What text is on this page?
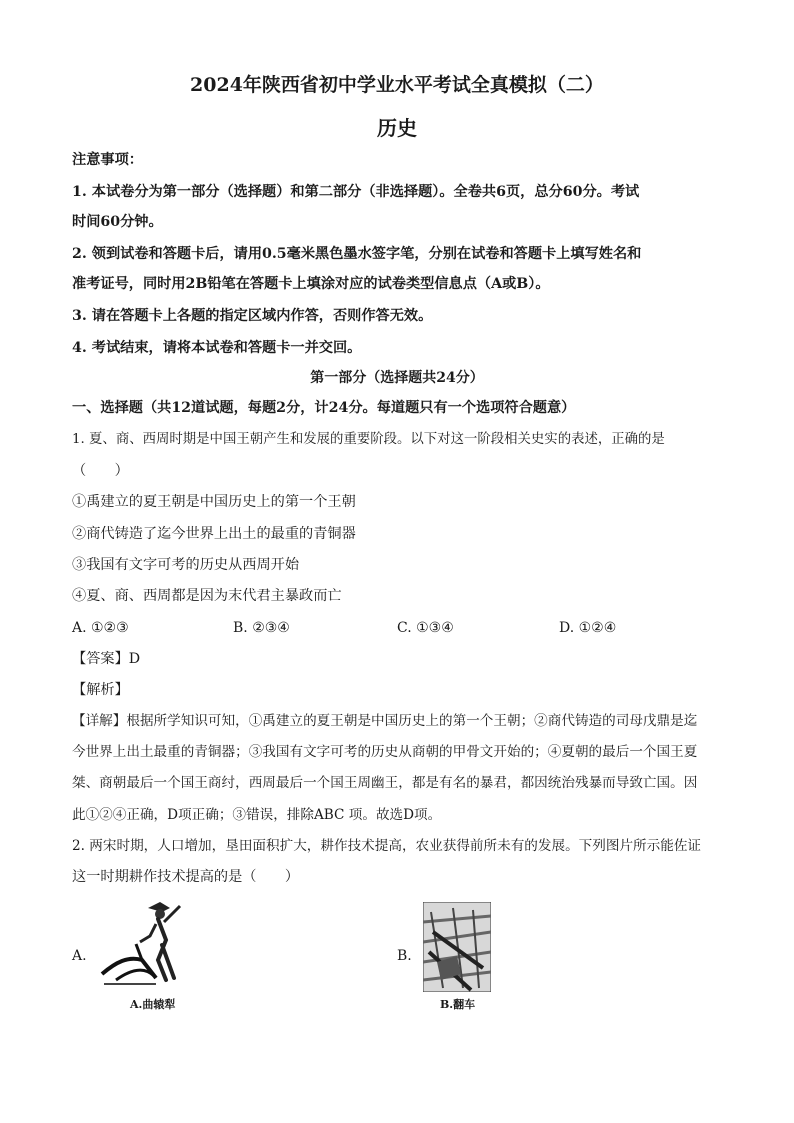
2024年陕西省初中学业水平考试全真模拟（二）
历史
注意事项：
1. 本试卷分为第一部分（选择题）和第二部分（非选择题）。全卷共6页，总分60分。考试
时间60分钟。
2. 领到试卷和答题卡后，请用0.5毫米黑色墨水签字笔，分别在试卷和答题卡上填写姓名和
准考证号，同时用2B铅笔在答题卡上填涂对应的试卷类型信息点（A或B）。
3. 请在答题卡上各题的指定区域内作答，否则作答无效。
4. 考试结束，请将本试卷和答题卡一并交回。
第一部分（选择题共24分）
一、选择题（共12道试题，每题2分，计24分。每道题只有一个选项符合题意）
1. 夏、商、西周时期是中国王朝产生和发展的重要阶段。以下对这一阶段相关史实的表述，正确的是
（　　）
①禹建立的夏王朝是中国历史上的第一个王朝
②商代铸造了迄今世界上出土的最重的青铜器
③我国有文字可考的历史从西周开始
④夏、商、西周都是因为末代君主暴政而亡
A. ①②③	B. ②③④	C. ①③④	D. ①②④
【答案】D
【解析】
【详解】根据所学知识可知，①禹建立的夏王朝是中国历史上的第一个王朝；②商代铸造的司母戊鼎是迄
今世界上出土最重的青铜器；③我国有文字可考的历史从商朝的甲骨文开始的；④夏朝的最后一个国王夏
桀、商朝最后一个国王商纣，西周最后一个国王周幽王，都是有名的暴君，都因统治残暴而导致亡国。因
此①②④正确，D项正确；③错误，排除ABC 项。故选D项。
2. 两宋时期，人口增加，垦田面积扩大，耕作技术提高，农业获得前所未有的发展。下列图片所示能佐证
这一时期耕作技术提高的是（　　）
A.
A.曲辕犁
B.
B.翻车
